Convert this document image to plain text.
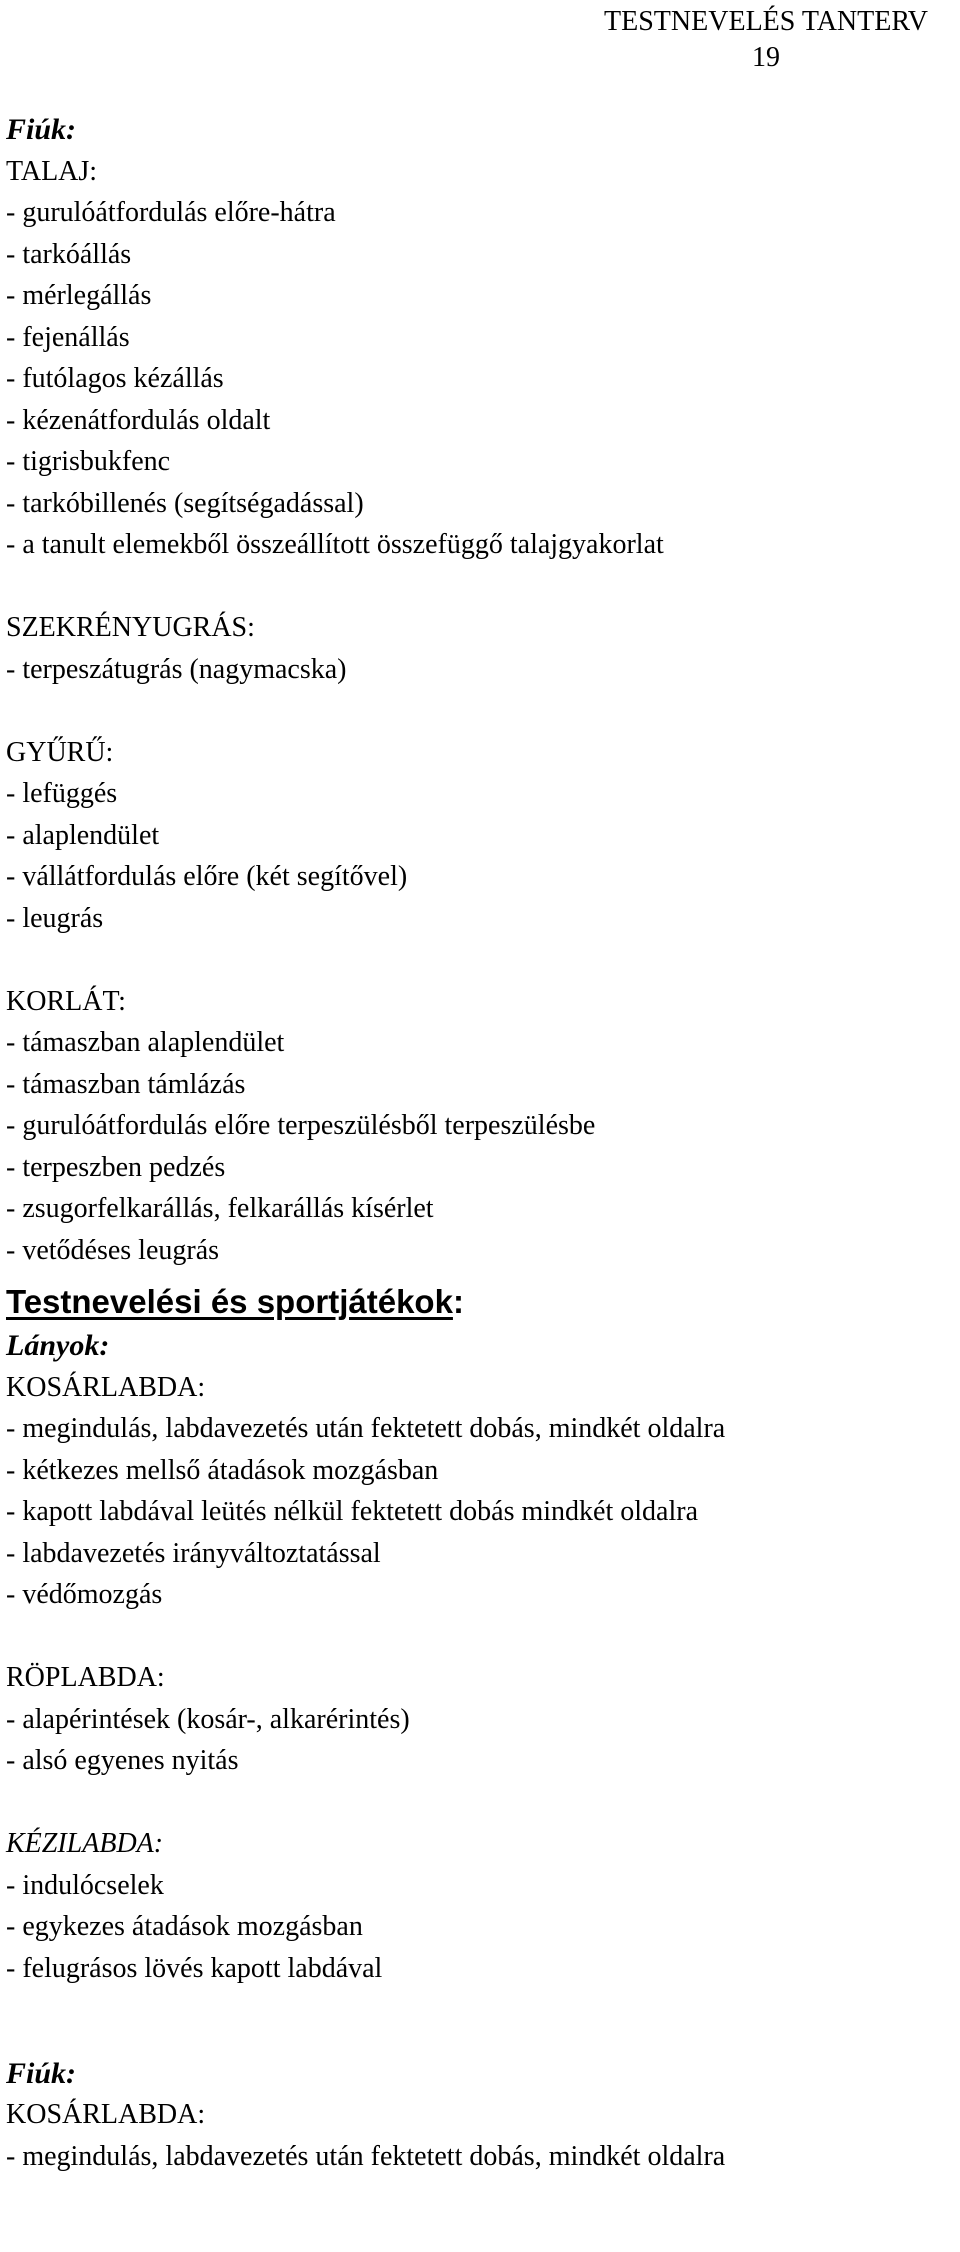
TESTNEVELÉS TANTERV
19
Fiúk:
TALAJ:
- gurulóátfordulás előre-hátra
- tarkóállás
- mérlegállás
- fejenállás
- futólagos kézállás
- kézenátfordulás oldalt
- tigrisbukfenc
- tarkóbillenés (segítségadással)
- a tanult elemekből összeállított összefüggő talajgyakorlat
SZEKRÉNYUGRÁS:
- terpeszátugrás (nagymacska)
GYŰRŰ:
- lefüggés
- alaplendület
- vállátfordulás előre (két segítővel)
- leugrás
KORLÁT:
- támaszban alaplendület
- támaszban támlázás
- gurulóátfordulás előre terpeszülésből terpeszülésbe
- terpeszben pedzés
- zsugorfelkarállás, felkarállás kísérlet
- vetődéses leugrás
Testnevelési és sportjátékok:
Lányok:
KOSÁRLABDA:
- megindulás, labdavezetés után fektetett dobás, mindkét oldalra
- kétkezes mellső átadások mozgásban
- kapott labdával leütés nélkül fektetett dobás mindkét oldalra
- labdavezetés irányváltoztatással
- védőmozgás
RÖPLABDA:
- alapérintések (kosár-, alkarérintés)
- alsó egyenes nyitás
KÉZILABDA:
- indulócselek
- egykezes átadások mozgásban
- felugrásos lövés kapott labdával
Fiúk:
KOSÁRLABDA:
- megindulás, labdavezetés után fektetett dobás, mindkét oldalra
